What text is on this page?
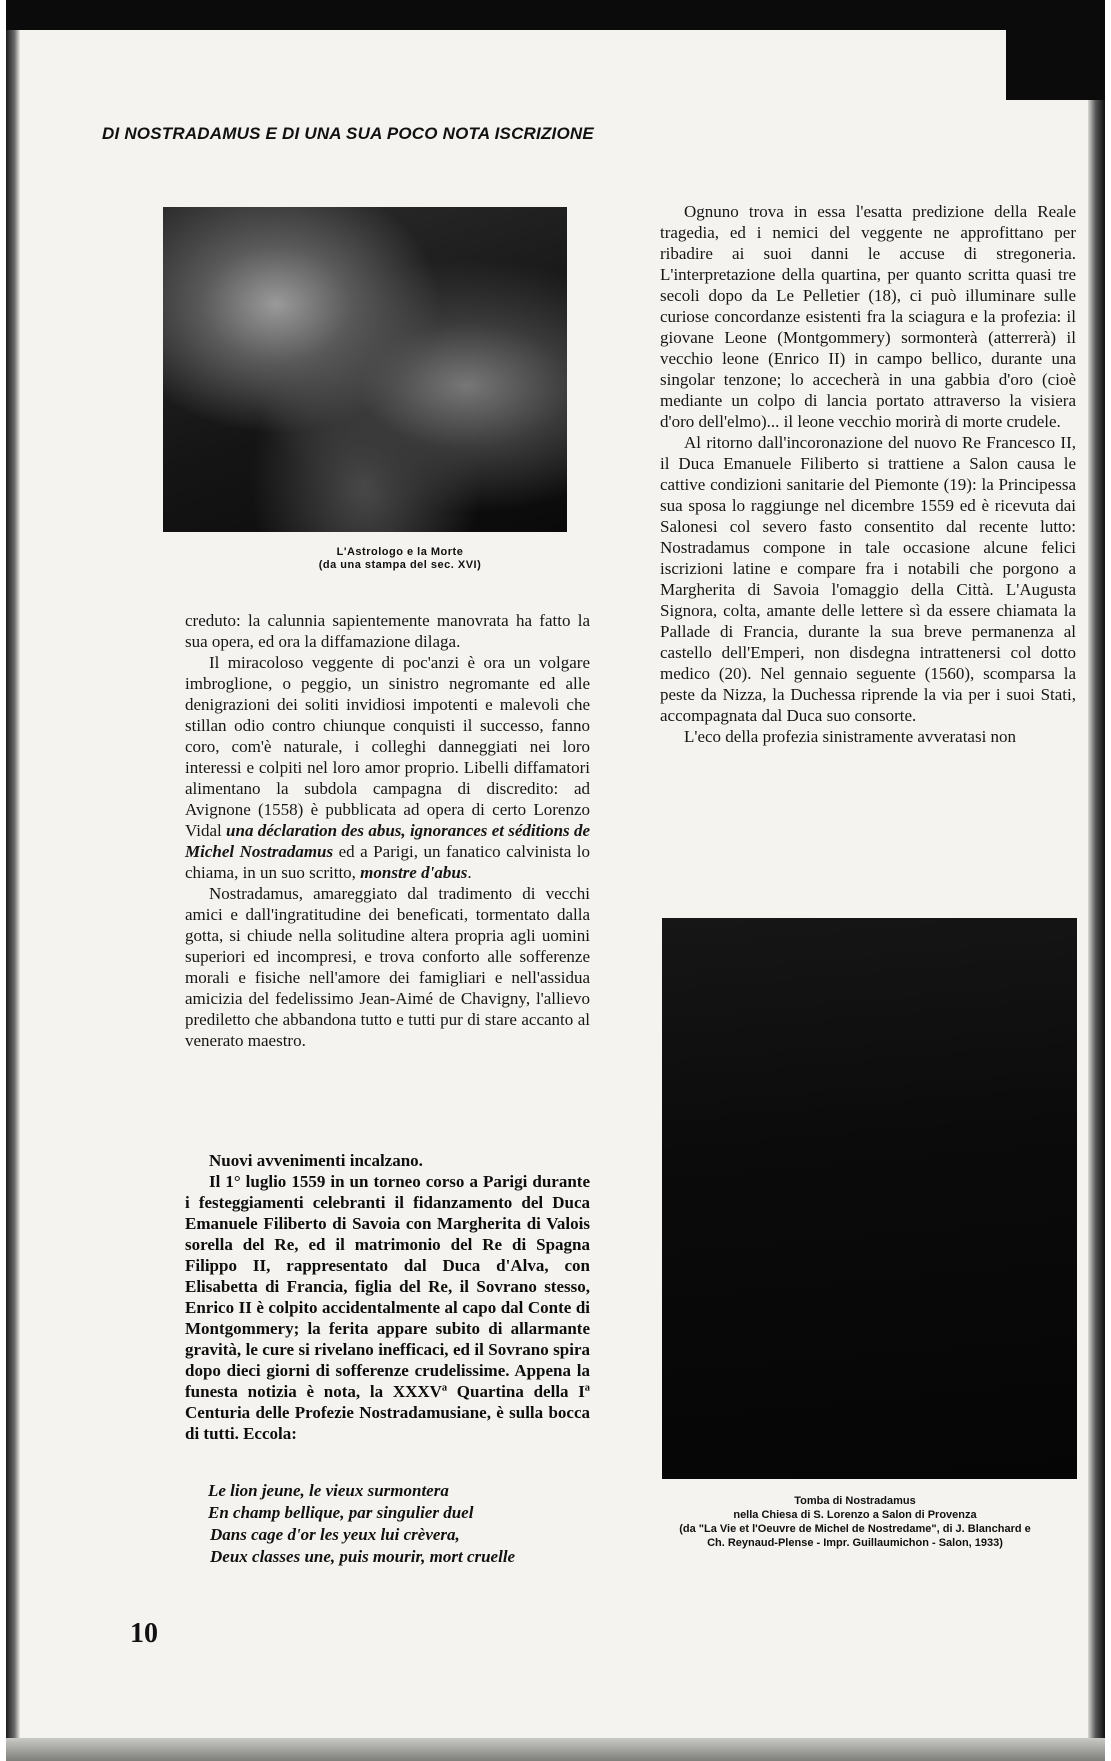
DI NOSTRADAMUS E DI UNA SUA POCO NOTA ISCRIZIONE
L'Astrologo e la Morte
(da una stampa del sec. XVI)

creduto: la calunnia sapientemente manovrata ha fatto la sua opera, ed ora la diffamazione dilaga.

Il miracoloso veggente di poc'anzi è ora un volgare imbroglione, o peggio, un sinistro negromante ed alle denigrazioni dei soliti invidiosi impotenti e malevoli che stillan odio contro chiunque conquisti il successo, fanno coro, com'è naturale, i colleghi danneggiati nei loro interessi e colpiti nel loro amor proprio. Libelli diffamatori alimentano la subdola campagna di discredito: ad Avignone (1558) è pubblicata ad opera di certo Lorenzo Vidal una déclaration des abus, ignorances et séditions de Michel Nostradamus ed a Parigi, un fanatico calvinista lo chiama, in un suo scritto, monstre d'abus.

Nostradamus, amareggiato dal tradimento di vecchi amici e dall'ingratitudine dei beneficati, tormentato dalla gotta, si chiude nella solitudine altera propria agli uomini superiori ed incompresi, e trova conforto alle sofferenze morali e fisiche nell'amore dei famigliari e nell'assidua amicizia del fedelissimo Jean-Aimé de Chavigny, l'allievo prediletto che abbandona tutto e tutti pur di stare accanto al venerato maestro.

Nuovi avvenimenti incalzano.

Il 1° luglio 1559 in un torneo corso a Parigi durante i festeggiamenti celebranti il fidanzamento del Duca Emanuele Filiberto di Savoia con Margherita di Valois sorella del Re, ed il matrimonio del Re di Spagna Filippo II, rappresentato dal Duca d'Alva, con Elisabetta di Francia, figlia del Re, il Sovrano stesso, Enrico II è colpito accidentalmente al capo dal Conte di Montgommery; la ferita appare subito di allarmante gravità, le cure si rivelano inefficaci, ed il Sovrano spira dopo dieci giorni di sofferenze crudelissime. Appena la funesta notizia è nota, la XXXVª Quartina della Iª Centuria delle Profezie Nostradamusiane, è sulla bocca di tutti. Eccola:

Le lion jeune, le vieux surmontera
En champ bellique, par singulier duel
Dans cage d'or les yeux lui crèvera,
Deux classes une, puis mourir, mort cruelle

Ognuno trova in essa l'esatta predizione della Reale tragedia, ed i nemici del veggente ne approfittano per ribadire ai suoi danni le accuse di stregoneria. L'interpretazione della quartina, per quanto scritta quasi tre secoli dopo da Le Pelletier (18), ci può illuminare sulle curiose concordanze esistenti fra la sciagura e la profezia: il giovane Leone (Montgommery) sormonterà (atterrerà) il vecchio leone (Enrico II) in campo bellico, durante una singolar tenzone; lo accecherà in una gabbia d'oro (cioè mediante un colpo di lancia portato attraverso la visiera d'oro dell'elmo)... il leone vecchio morirà di morte crudele.

Al ritorno dall'incoronazione del nuovo Re Francesco II, il Duca Emanuele Filiberto si trattiene a Salon causa le cattive condizioni sanitarie del Piemonte (19): la Principessa sua sposa lo raggiunge nel dicembre 1559 ed è ricevuta dai Salonesi col severo fasto consentito dal recente lutto: Nostradamus compone in tale occasione alcune felici iscrizioni latine e compare fra i notabili che porgono a Margherita di Savoia l'omaggio della Città. L'Augusta Signora, colta, amante delle lettere sì da essere chiamata la Pallade di Francia, durante la sua breve permanenza al castello dell'Emperi, non disdegna intrattenersi col dotto medico (20). Nel gennaio seguente (1560), scomparsa la peste da Nizza, la Duchessa riprende la via per i suoi Stati, accompagnata dal Duca suo consorte.

L'eco della profezia sinistramente avveratasi non

Tomba di Nostradamus
nella Chiesa di S. Lorenzo a Salon di Provenza
(da "La Vie et l'Oeuvre de Michel de Nostredame", di J. Blanchard e
Ch. Reynaud-Plense - Impr. Guillaumichon - Salon, 1933)
10
